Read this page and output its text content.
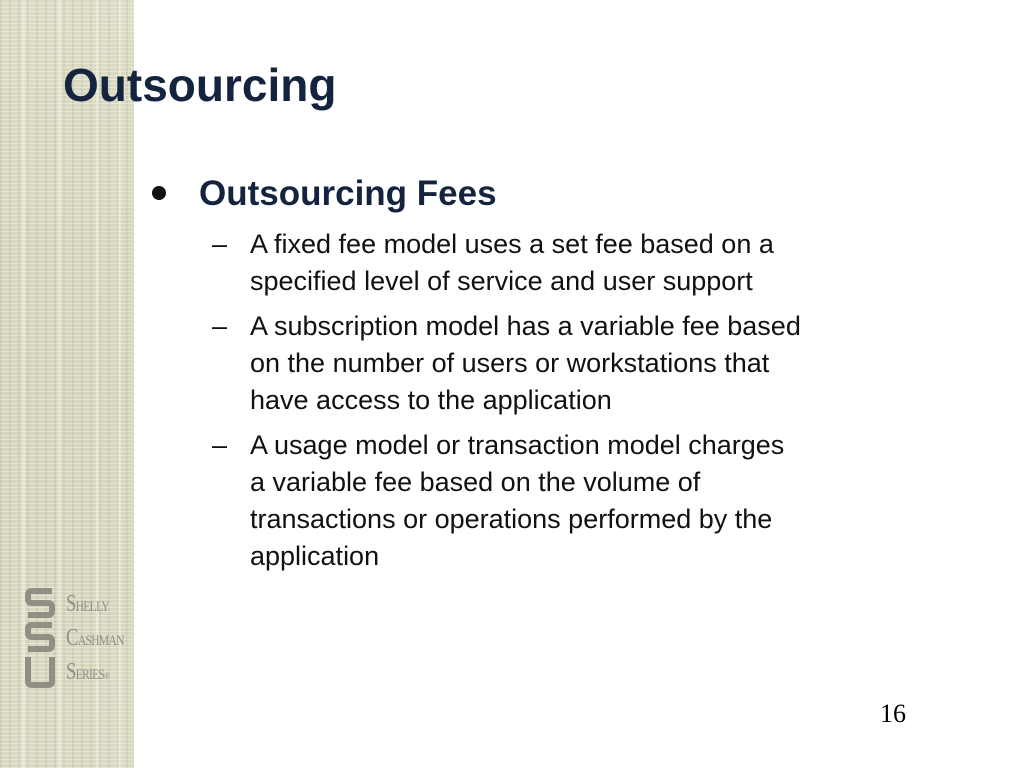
Outsourcing
Outsourcing Fees
– A fixed fee model uses a set fee based on a
specified level of service and user support
– A subscription model has a variable fee based
on the number of users or workstations that
have access to the application
– A usage model or transaction model charges
a variable fee based on the volume of
transactions or operations performed by the
application
SHELLY
CASHMAN
SERIES®
16
